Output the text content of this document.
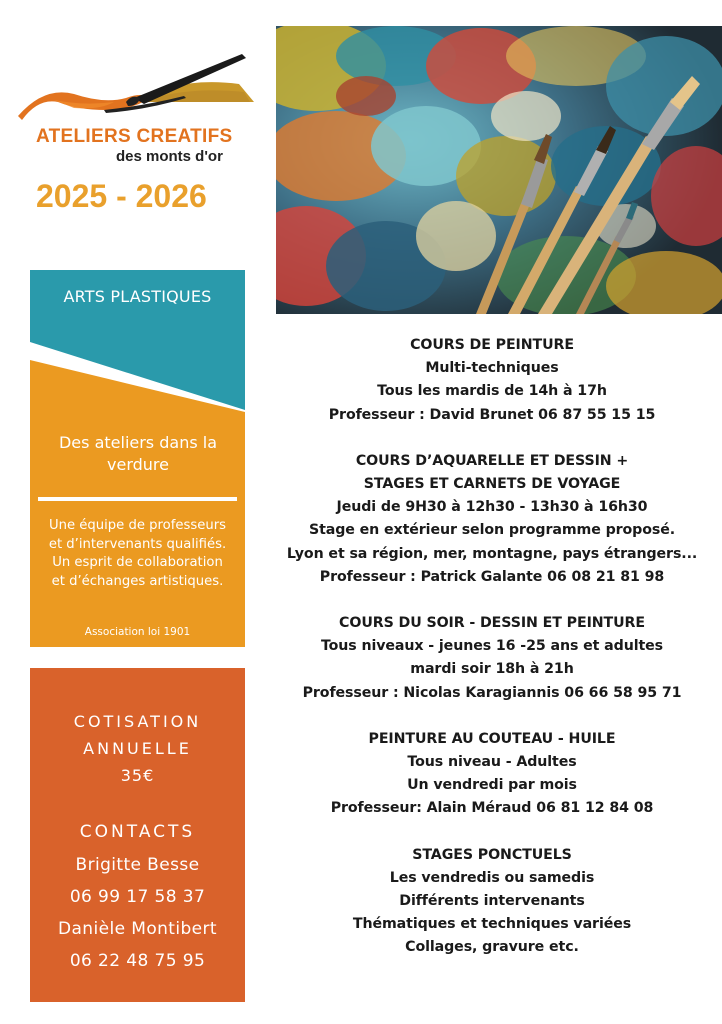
ATELIERS CREATIFS
des monts d'or
2025 - 2026
ARTS PLASTIQUES
Des ateliers dans la
verdure
Une équipe de professeurs
et d’intervenants qualifiés.
Un esprit de collaboration
et d’échanges artistiques.
Association loi 1901
COTISATION
ANNUELLE
35€
CONTACTS
Brigitte Besse
06 99 17 58 37
Danièle Montibert
06 22 48 75 95
COURS DE PEINTURE
Multi-techniques
Tous les mardis de 14h à 17h
Professeur : David Brunet 06 87 55 15 15
COURS D’AQUARELLE ET DESSIN +
STAGES ET CARNETS DE VOYAGE
Jeudi de 9H30 à 12h30 - 13h30 à 16h30
Stage en extérieur selon programme proposé.
Lyon et sa région, mer, montagne, pays étrangers...
Professeur : Patrick Galante 06 08 21 81 98
COURS DU SOIR - DESSIN ET PEINTURE
Tous niveaux - jeunes 16 -25 ans et adultes
mardi soir 18h à 21h
Professeur : Nicolas Karagiannis 06 66 58 95 71
PEINTURE AU COUTEAU - HUILE
Tous niveau - Adultes
Un vendredi par mois
Professeur: Alain Méraud 06 81 12 84 08
STAGES PONCTUELS
Les vendredis ou samedis
Différents intervenants
Thématiques et techniques variées
Collages, gravure etc.
